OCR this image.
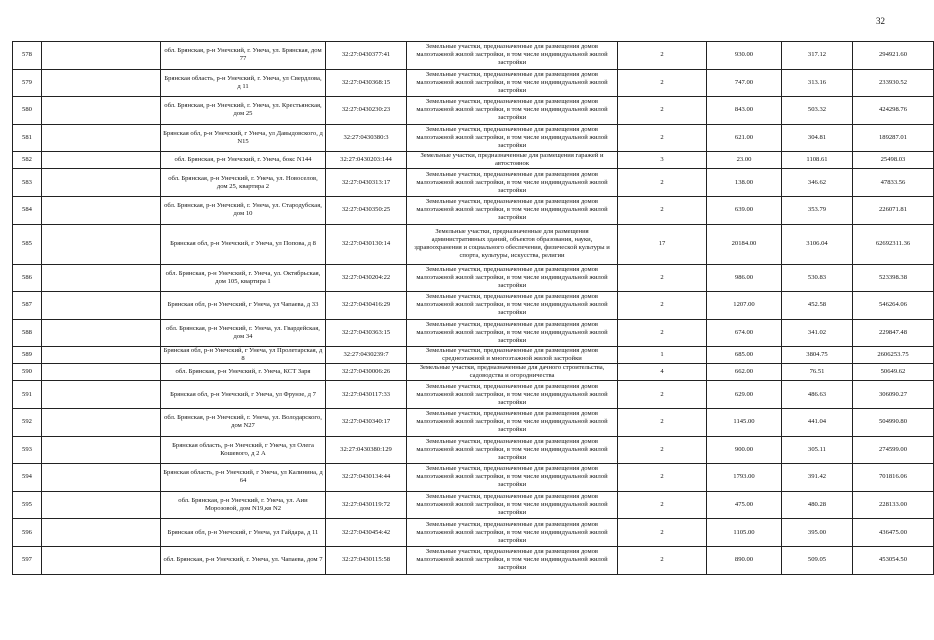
32
578		обл. Брянская, р-н Унечский, г. Унеча, ул. Брянская, дом 77	32:27:0430377:41	Земельные участки, предназначенные для размещения домов малоэтажной жилой застройки, в том числе индивидуальной жилой застройки	2	930.00	317.12	294921.60
579		Брянская область, р-н Унечский, г. Унеча, ул Свердлова, д 11	32:27:0430368:15	Земельные участки, предназначенные для размещения домов малоэтажной жилой застройки, в том числе индивидуальной жилой застройки	2	747.00	313.16	233930.52
580		обл. Брянская, р-н Унечский, г. Унеча, ул. Крестьянская, дом 25	32:27:0430230:23	Земельные участки, предназначенные для размещения домов малоэтажной жилой застройки, в том числе индивидуальной жилой застройки	2	843.00	503.32	424298.76
581		Брянская обл, р-н Унечский, г Унеча, ул Давыдовского, д N15	32:27:0430380:3	Земельные участки, предназначенные для размещения домов малоэтажной жилой застройки, в том числе индивидуальной жилой застройки	2	621.00	304.81	189287.01
582		обл. Брянская, р-н Унечский, г. Унеча, бокс N144	32:27:0430203:144	Земельные участки, предназначенные для размещения гаражей и автостоянок	3	23.00	1108.61	25498.03
583		обл. Брянская, р-н Унечский, г. Унеча, ул. Новоселов, дом 25, квартира 2	32:27:0430313:17	Земельные участки, предназначенные для размещения домов малоэтажной жилой застройки, в том числе индивидуальной жилой застройки	2	138.00	346.62	47833.56
584		обл. Брянская, р-н Унечский, г. Унеча, ул. Стародубская, дом 10	32:27:0430350:25	Земельные участки, предназначенные для размещения домов малоэтажной жилой застройки, в том числе индивидуальной жилой застройки	2	639.00	353.79	226071.81
585		Брянская обл, р-н Унечский, г Унеча, ул Попова, д 8	32:27:0430130:14	Земельные участки, предназначенные для размещения административных зданий, объектов образования, науки, здравоохранения и социального обеспечения, физической культуры и спорта, культуры, искусства, религии	17	20184.00	3106.04	62692311.36
586		обл. Брянская, р-н Унечский, г. Унеча, ул. Октябрьская, дом 105, квартира 1	32:27:0430204:22	Земельные участки, предназначенные для размещения домов малоэтажной жилой застройки, в том числе индивидуальной жилой застройки	2	986.00	530.83	523398.38
587		Брянская обл, р-н Унечский, г Унеча, ул Чапаева, д 33	32:27:0430416:29	Земельные участки, предназначенные для размещения домов малоэтажной жилой застройки, в том числе индивидуальной жилой застройки	2	1207.00	452.58	546264.06
588		обл. Брянская, р-н Унечский, г. Унеча, ул. Гвардейская, дом 34	32:27:0430363:15	Земельные участки, предназначенные для размещения домов малоэтажной жилой застройки, в том числе индивидуальной жилой застройки	2	674.00	341.02	229847.48
589		Брянская обл, р-н Унечский, г Унеча, ул Пролетарская, д 8	32:27:0430239:7	Земельные участки, предназначенные для размещения домов среднеэтажной и многоэтажной жилой застройки	1	685.00	3804.75	2606253.75
590		обл. Брянская, р-н Унечский, г. Унеча, КСТ Заря	32:27:0430006:26	Земельные участки, предназначенные для дачного строительства, садоводства и огородничества	4	662.00	76.51	50649.62
591		Брянская обл, р-н Унечский, г Унеча, ул Фрунзе, д 7	32:27:0430117:33	Земельные участки, предназначенные для размещения домов малоэтажной жилой застройки, в том числе индивидуальной жилой застройки	2	629.00	486.63	306090.27
592		обл. Брянская, р-н Унечский, г. Унеча, ул. Володарского, дом N27	32:27:0430340:17	Земельные участки, предназначенные для размещения домов малоэтажной жилой застройки, в том числе индивидуальной жилой застройки	2	1145.00	441.04	504990.80
593		Брянская область, р-н Унечский, г Унеча, ул Олега Кошевого, д 2 А	32:27:0430380:129	Земельные участки, предназначенные для размещения домов малоэтажной жилой застройки, в том числе индивидуальной жилой застройки	2	900.00	305.11	274599.00
594		Брянская область, р-н Унечский, г Унеча, ул Калинина, д 64	32:27:0430134:44	Земельные участки, предназначенные для размещения домов малоэтажной жилой застройки, в том числе индивидуальной жилой застройки	2	1793.00	391.42	701816.06
595		обл. Брянская, р-н Унечский, г. Унеча, ул. Аии Морозовой, дом N19,кв N2	32:27:0430119:72	Земельные участки, предназначенные для размещения домов малоэтажной жилой застройки, в том числе индивидуальной жилой застройки	2	475.00	480.28	228133.00
596		Брянская обл, р-н Унечский, г Унеча, ул Гайдара, д 11	32:27:0430454:42	Земельные участки, предназначенные для размещения домов малоэтажной жилой застройки, в том числе индивидуальной жилой застройки	2	1105.00	395.00	436475.00
597		обл. Брянская, р-н Унечский, г. Унеча, ул. Чапаева, дом 7	32:27:0430115:58	Земельные участки, предназначенные для размещения домов малоэтажной жилой застройки, в том числе индивидуальной жилой застройки	2	890.00	509.05	453054.50
